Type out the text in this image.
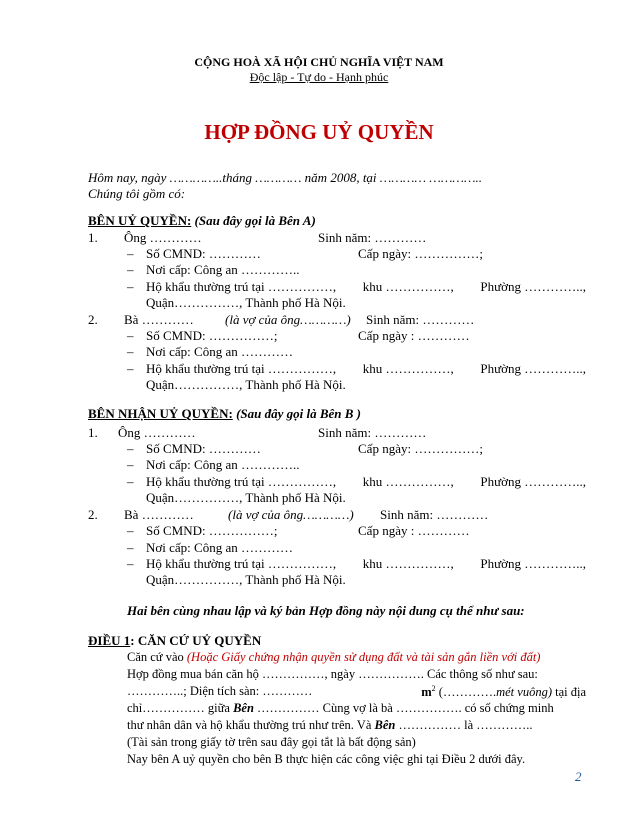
CỘNG HOÀ XÃ HỘI CHỦ NGHĨA VIỆT NAM
Độc lập - Tự do - Hạnh phúc
HỢP ĐỒNG UỶ QUYỀN
Hôm nay, ngày …………..tháng ………… năm 2008, tại ………… …………..
Chúng tôi gồm có:
BÊN UỶ QUYỀN: (Sau đây gọi là Bên A)
1. Ông …………	Sinh năm: …………
– Số CMND: …………	Cấp ngày: ……………;
– Nơi cấp: Công an …………..
– Hộ khẩu thường trú tại ……………, khu ……………, Phường …………..,
Quận……………, Thành phố Hà Nội.
2. Bà ………… (là vợ của ông…………) Sinh năm: …………
– Số CMND: ……………;	Cấp ngày : …………
– Nơi cấp: Công an …………
– Hộ khẩu thường trú tại ……………, khu ……………, Phường …………..,
Quận……………, Thành phố Hà Nội.
BÊN NHẬN UỶ QUYỀN: (Sau đây gọi là Bên B )
1. Ông …………	Sinh năm: …………
– Số CMND: …………	Cấp ngày: ……………;
– Nơi cấp: Công an …………..
– Hộ khẩu thường trú tại ……………, khu ……………, Phường …………..,
Quận……………, Thành phố Hà Nội.
2. Bà …………	(là vợ của ông…………) Sinh năm: …………
– Số CMND: ……………;	Cấp ngày : …………
– Nơi cấp: Công an …………
– Hộ khẩu thường trú tại ……………, khu ……………, Phường …………..,
Quận……………, Thành phố Hà Nội.
Hai bên cùng nhau lập và ký bản Hợp đồng này nội dung cụ thể như sau:
ĐIỀU 1: CĂN CỨ UỶ QUYỀN
Căn cứ vào (Hoặc Giấy chứng nhận quyền sử dụng đất và tài sản gắn liền với đất)
Hợp đồng mua bán căn hộ ……………, ngày ……………. Các thông số như sau:
…………..; Diện tích sàn: …………	$m^2$ (………….mét vuông) tại địa
chỉ…………… giữa Bên …………… Cùng vợ là bà ……………. có số chứng minh
thư nhân dân và hộ khẩu thường trú như trên. Và Bên …………… là …………..
(Tài sản trong giấy tờ trên sau đây gọi tắt là bất động sản)
Nay bên A uỷ quyền cho bên B thực hiện các công việc ghi tại Điều 2 dưới đây.
2
